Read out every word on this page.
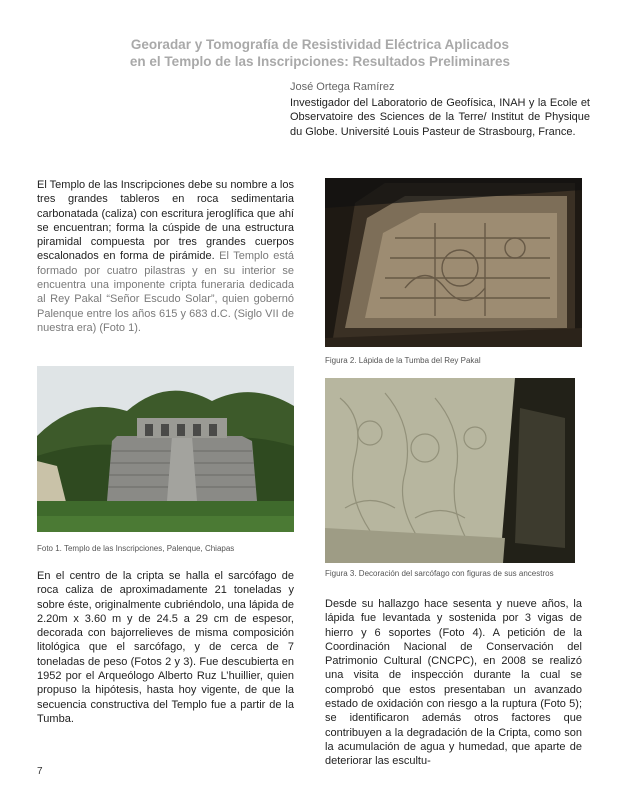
Georadar y Tomografía de Resistividad Eléctrica Aplicados
en el Templo de las Inscripciones: Resultados Preliminares
José Ortega Ramírez
Investigador del Laboratorio de Geofísica, INAH y la Ecole et Observatoire des Sciences de la Terre/ Institut de Physique du Globe. Université Louis Pasteur de Strasbourg, France.
El Templo de las Inscripciones debe su nombre a los tres grandes tableros en roca sedimentaria carbonatada (caliza) con escritura jeroglífica que ahí se encuentran; forma la cúspide de una estructura piramidal compuesta por tres grandes cuerpos escalonados en forma de pirámide. El Templo está formado por cuatro pilastras y en su interior se encuentra una imponente cripta funeraria dedicada al Rey Pakal “Señor Escudo Solar”, quien gobernó Palenque entre los años 615 y 683 d.C. (Siglo VII de nuestra era) (Foto 1).
Figura 2. Lápida de la Tumba del Rey Pakal
Foto 1. Templo de las Inscripciones, Palenque, Chiapas
Figura 3. Decoración del sarcófago con figuras de sus ancestros
En el centro de la cripta se halla el sarcófago de roca caliza de aproximadamente 21 toneladas y sobre éste, originalmente cubriéndolo, una lápida de 2.20m x 3.60 m y de 24.5 a 29 cm de espesor, decorada con bajorrelieves de misma composición litológica que el sarcófago, y de cerca de 7 toneladas de peso (Fotos 2 y 3). Fue descubierta en 1952 por el Arqueólogo Alberto Ruz L’huillier, quien propuso la hipótesis, hasta hoy vigente, de que la secuencia constructiva del Templo fue a partir de la Tumba.
Desde su hallazgo hace sesenta y nueve años, la lápida fue levantada y sostenida por 3 vigas de hierro y 6 soportes (Foto 4). A petición de la Coordinación Nacional de Conservación del Patrimonio Cultural (CNCPC), en 2008 se realizó una visita de inspección durante la cual se comprobó que estos presentaban un avanzado estado de oxidación con riesgo a la ruptura (Foto 5); se identificaron además otros factores que contribuyen a la degradación de la Cripta, como son la acumulación de agua y humedad, que aparte de deteriorar las escultu-
7
